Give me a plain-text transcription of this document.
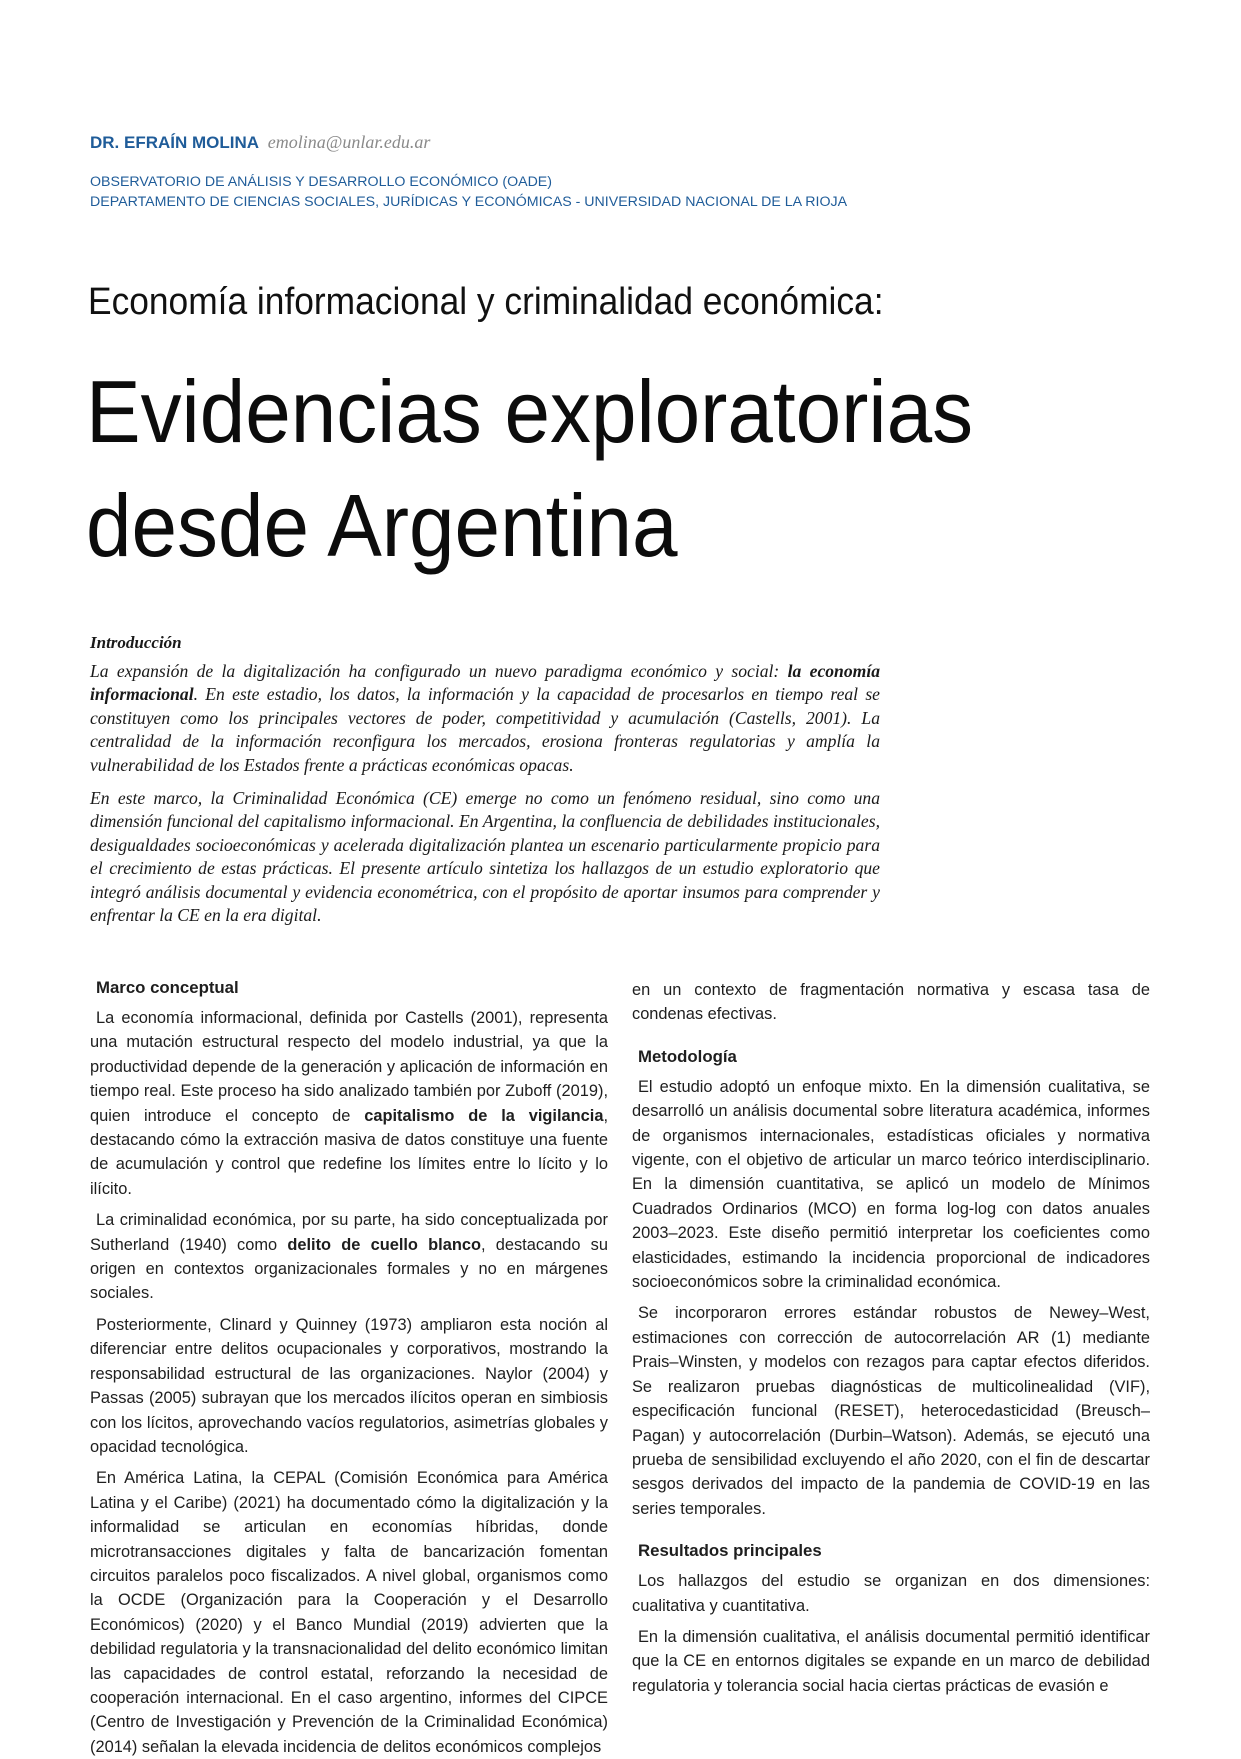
DR. EFRAÍN MOLINA emolina@unlar.edu.ar
OBSERVATORIO DE ANÁLISIS Y DESARROLLO ECONÓMICO (OADE)
DEPARTAMENTO DE CIENCIAS SOCIALES, JURÍDICAS Y ECONÓMICAS - UNIVERSIDAD NACIONAL DE LA RIOJA
Economía informacional y criminalidad económica:
Evidencias exploratorias
desde Argentina
Introducción

La expansión de la digitalización ha configurado un nuevo paradigma económico y social: la economía informacional. En este estadio, los datos, la información y la capacidad de procesarlos en tiempo real se constituyen como los principales vectores de poder, competitividad y acumulación (Castells, 2001). La centralidad de la información reconfigura los mercados, erosiona fronteras regulatorias y amplía la vulnerabilidad de los Estados frente a prácticas económicas opacas.

En este marco, la Criminalidad Económica (CE) emerge no como un fenómeno residual, sino como una dimensión funcional del capitalismo informacional. En Argentina, la confluencia de debilidades institucionales, desigualdades socioeconómicas y acelerada digitalización plantea un escenario particularmente propicio para el crecimiento de estas prácticas. El presente artículo sintetiza los hallazgos de un estudio exploratorio que integró análisis documental y evidencia econométrica, con el propósito de aportar insumos para comprender y enfrentar la CE en la era digital.

Marco conceptual

La economía informacional, definida por Castells (2001), representa una mutación estructural respecto del modelo industrial, ya que la productividad depende de la generación y aplicación de información en tiempo real. Este proceso ha sido analizado también por Zuboff (2019), quien introduce el concepto de capitalismo de la vigilancia, destacando cómo la extracción masiva de datos constituye una fuente de acumulación y control que redefine los límites entre lo lícito y lo ilícito.

La criminalidad económica, por su parte, ha sido conceptualizada por Sutherland (1940) como delito de cuello blanco, destacando su origen en contextos organizacionales formales y no en márgenes sociales.

Posteriormente, Clinard y Quinney (1973) ampliaron esta noción al diferenciar entre delitos ocupacionales y corporativos, mostrando la responsabilidad estructural de las organizaciones. Naylor (2004) y Passas (2005) subrayan que los mercados ilícitos operan en simbiosis con los lícitos, aprovechando vacíos regulatorios, asimetrías globales y opacidad tecnológica.

En América Latina, la CEPAL (Comisión Económica para América Latina y el Caribe) (2021) ha documentado cómo la digitalización y la informalidad se articulan en economías híbridas, donde microtransacciones digitales y falta de bancarización fomentan circuitos paralelos poco fiscalizados. A nivel global, organismos como la OCDE (Organización para la Cooperación y el Desarrollo Económicos) (2020) y el Banco Mundial (2019) advierten que la debilidad regulatoria y la transnacionalidad del delito económico limitan las capacidades de control estatal, reforzando la necesidad de cooperación internacional. En el caso argentino, informes del CIPCE (Centro de Investigación y Prevención de la Criminalidad Económica) (2014) señalan la elevada incidencia de delitos económicos complejos

en un contexto de fragmentación normativa y escasa tasa de condenas efectivas.

Metodología

El estudio adoptó un enfoque mixto. En la dimensión cualitativa, se desarrolló un análisis documental sobre literatura académica, informes de organismos internacionales, estadísticas oficiales y normativa vigente, con el objetivo de articular un marco teórico interdisciplinario. En la dimensión cuantitativa, se aplicó un modelo de Mínimos Cuadrados Ordinarios (MCO) en forma log-log con datos anuales 2003–2023. Este diseño permitió interpretar los coeficientes como elasticidades, estimando la incidencia proporcional de indicadores socioeconómicos sobre la criminalidad económica.

Se incorporaron errores estándar robustos de Newey–West, estimaciones con corrección de autocorrelación AR (1) mediante Prais–Winsten, y modelos con rezagos para captar efectos diferidos. Se realizaron pruebas diagnósticas de multicolinealidad (VIF), especificación funcional (RESET), heterocedasticidad (Breusch–Pagan) y autocorrelación (Durbin–Watson). Además, se ejecutó una prueba de sensibilidad excluyendo el año 2020, con el fin de descartar sesgos derivados del impacto de la pandemia de COVID-19 en las series temporales.

Resultados principales

Los hallazgos del estudio se organizan en dos dimensiones: cualitativa y cuantitativa.

En la dimensión cualitativa, el análisis documental permitió identificar que la CE en entornos digitales se expande en un marco de debilidad regulatoria y tolerancia social hacia ciertas prácticas de evasión e
